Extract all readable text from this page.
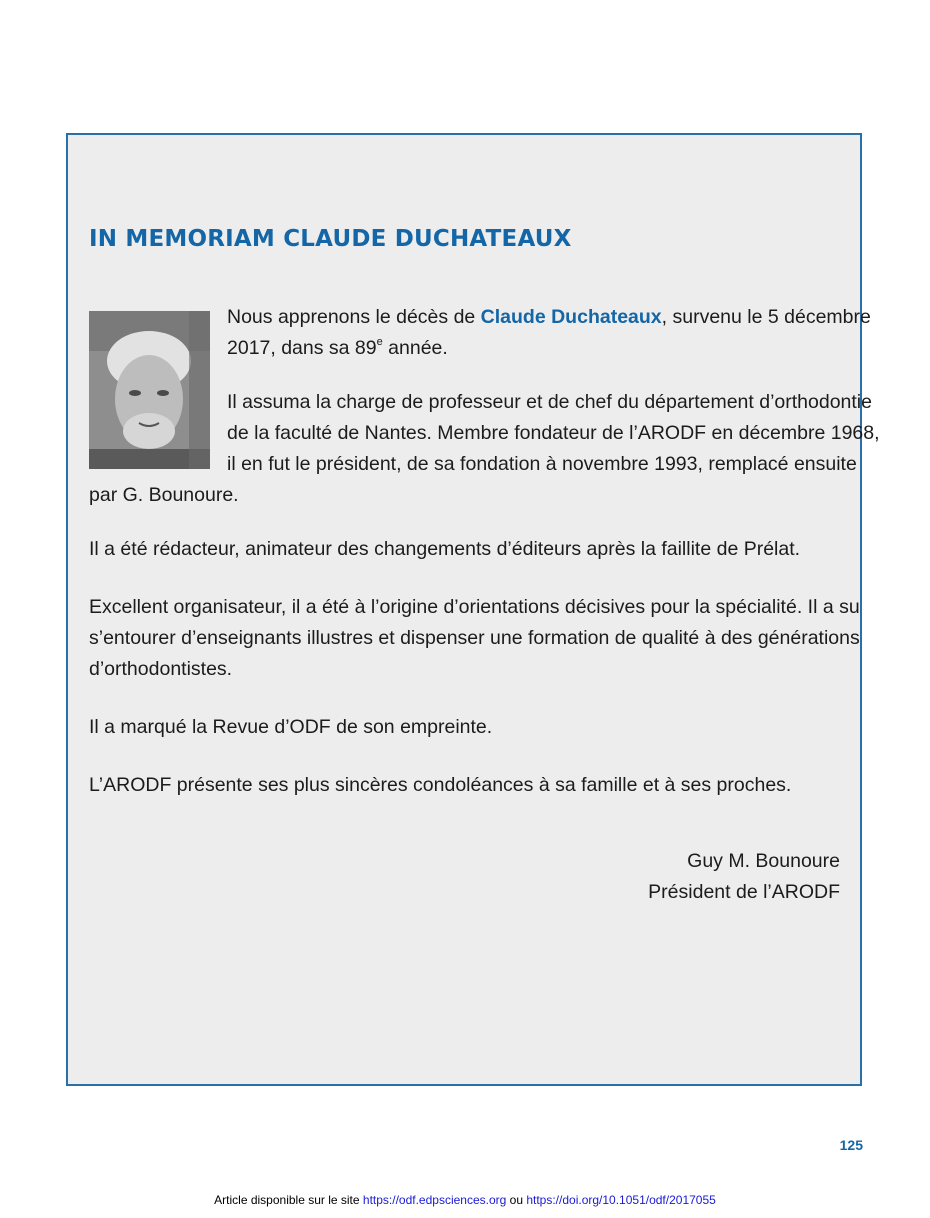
IN MEMORIAM CLAUDE DUCHATEAUX

Nous apprenons le décès de Claude Duchateaux, survenu le 5 décembre

2017, dans sa 89e année.

Il assuma la charge de professeur et de chef du département d’orthodontie

de la faculté de Nantes. Membre fondateur de l’ARODF en décembre 1968,

il en fut le président, de sa fondation à novembre 1993, remplacé ensuite

par G. Bounoure.
Il a été rédacteur, animateur des changements d’éditeurs après la faillite de Prélat.

Excellent organisateur, il a été à l’origine d’orientations décisives pour la spécialité. Il a su

s’entourer d’enseignants illustres et dispenser une formation de qualité à des générations

d’orthodontistes.

Il a marqué la Revue d’ODF de son empreinte.
L’ARODF présente ses plus sincères condoléances à sa famille et à ses proches.
Guy M. Bounoure
Président de l’ARODF
125
Article disponible sur le site https://odf.edpsciences.org ou https://doi.org/10.1051/odf/2017055
